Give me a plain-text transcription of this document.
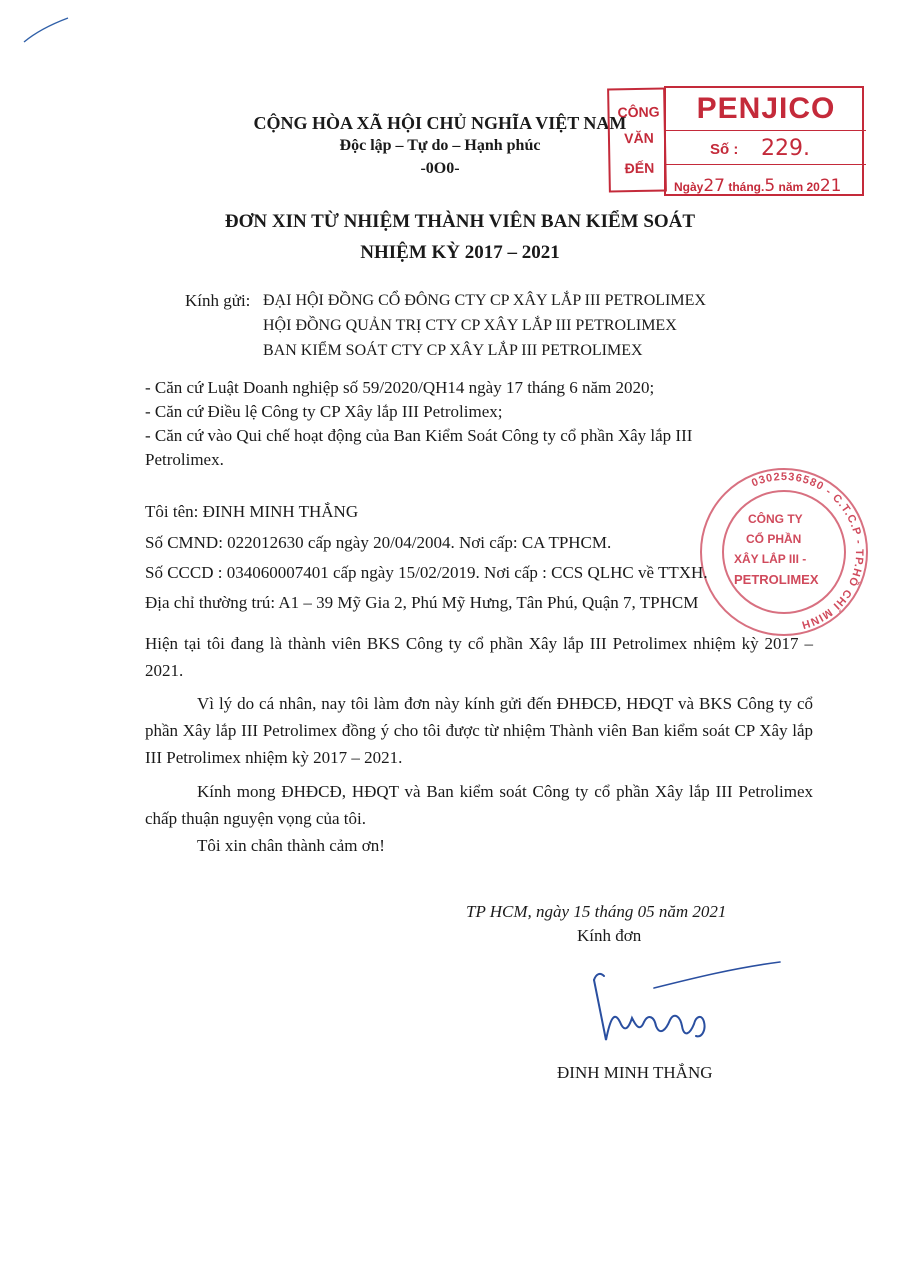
CỘNG HÒA XÃ HỘI CHỦ NGHĨA VIỆT NAM
Độc lập – Tự do – Hạnh phúc
-0O0-
CÔNG
VĂN
ĐẾN
PENJICO
Số : 229.
Ngày27 tháng.5 năm 2021
ĐƠN XIN TỪ NHIỆM THÀNH VIÊN BAN KIỂM SOÁT
NHIỆM KỲ 2017 – 2021
Kính gửi: ĐẠI HỘI ĐỒNG CỔ ĐÔNG CTY CP XÂY LẮP III PETROLIMEX
HỘI ĐỒNG QUẢN TRỊ CTY CP XÂY LẮP III PETROLIMEX
BAN KIỂM SOÁT CTY CP XÂY LẮP III PETROLIMEX
- Căn cứ Luật Doanh nghiệp số 59/2020/QH14 ngày 17 tháng 6 năm 2020;
- Căn cứ Điều lệ Công ty CP Xây lắp III Petrolimex;
- Căn cứ vào Qui chế hoạt động của Ban Kiểm Soát Công ty cổ phần Xây lắp III
Petrolimex.
0302536580 - C.T.C.P - TP.HỒ CHÍ MINH
CÔNG TY
CỔ PHẦN
XÂY LẮP III -
PETROLIMEX
Tôi tên: ĐINH MINH THẮNG
Số CMND: 022012630 cấp ngày 20/04/2004. Nơi cấp: CA TPHCM.
Số CCCD : 034060007401 cấp ngày 15/02/2019. Nơi cấp : CCS QLHC về TTXH.
Địa chỉ thường trú: A1 – 39 Mỹ Gia 2, Phú Mỹ Hưng, Tân Phú, Quận 7, TPHCM
Hiện tại tôi đang là thành viên BKS Công ty cổ phần Xây lắp III Petrolimex nhiệm kỳ 2017 – 2021.
Vì lý do cá nhân, nay tôi làm đơn này kính gửi đến ĐHĐCĐ, HĐQT và BKS Công ty cổ phần Xây lắp III Petrolimex đồng ý cho tôi được từ nhiệm Thành viên Ban kiểm soát CP Xây lắp III Petrolimex nhiệm kỳ 2017 – 2021.
Kính mong ĐHĐCĐ, HĐQT và Ban kiểm soát Công ty cổ phần Xây lắp III Petrolimex chấp thuận nguyện vọng của tôi.
Tôi xin chân thành cảm ơn!
TP HCM, ngày 15 tháng 05 năm 2021
Kính đơn
ĐINH MINH THẮNG
